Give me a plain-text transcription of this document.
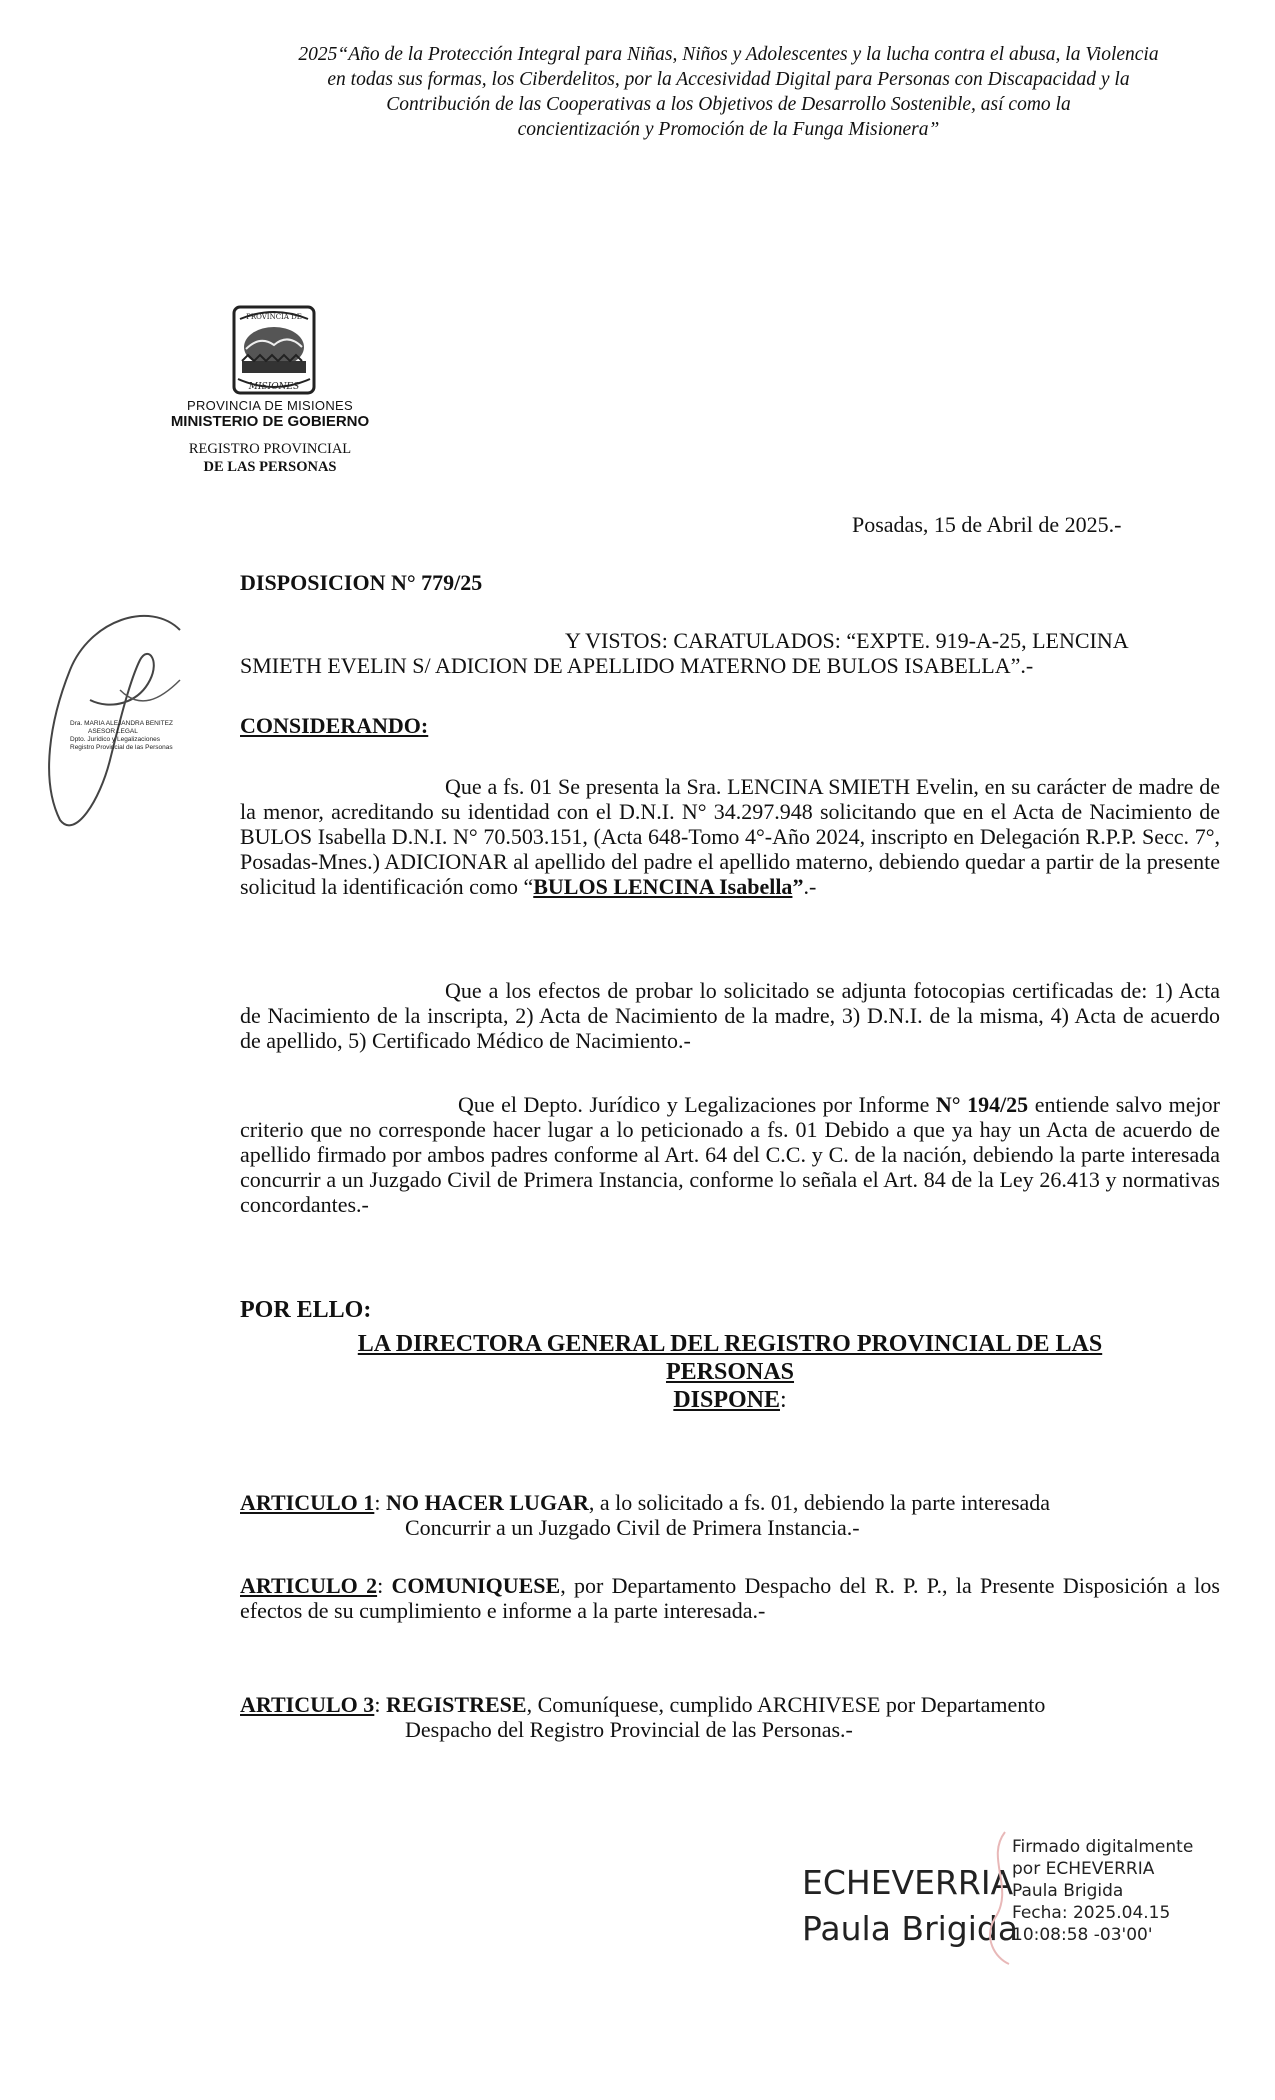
2025“Año de la Protección Integral para Niñas, Niños y Adolescentes y la lucha contra el abusa, la Violencia
en todas sus formas, los Ciberdelitos, por la Accesividad Digital para Personas con Discapacidad y la
Contribución de las Cooperativas a los Objetivos de Desarrollo Sostenible, así como la
concientización y Promoción de la Funga Misionera”
PROVINCIA DE
MISIONES
PROVINCIA DE MISIONES
MINISTERIO DE GOBIERNO
REGISTRO PROVINCIAL
DE LAS PERSONAS
Posadas, 15 de Abril de 2025.-
DISPOSICION N° 779/25
Y VISTOS: CARATULADOS: “EXPTE. 919-A-25, LENCINA
SMIETH EVELIN S/ ADICION DE APELLIDO MATERNO DE BULOS ISABELLA”.-
CONSIDERANDO:
Dra. MARIA ALEJANDRA BENITEZ
ASESOR LEGAL
Dpto. Jurídico y Legalizaciones
Registro Provincial de las Personas
Que a fs. 01 Se presenta la Sra. LENCINA SMIETH Evelin, en su carácter de madre de la menor, acreditando su identidad con el D.N.I. N° 34.297.948 solicitando que en el Acta de Nacimiento de BULOS Isabella D.N.I. N° 70.503.151, (Acta 648-Tomo 4°-Año 2024, inscripto en Delegación R.P.P. Secc. 7°, Posadas-Mnes.) ADICIONAR al apellido del padre el apellido materno, debiendo quedar a partir de la presente solicitud la identificación como “BULOS LENCINA Isabella”.-
Que a los efectos de probar lo solicitado se adjunta fotocopias certificadas de: 1) Acta de Nacimiento de la inscripta, 2) Acta de Nacimiento de la madre, 3) D.N.I. de la misma, 4) Acta de acuerdo de apellido, 5) Certificado Médico de Nacimiento.-
Que el Depto. Jurídico y Legalizaciones por Informe N° 194/25 entiende salvo mejor criterio que no corresponde hacer lugar a lo peticionado a fs. 01 Debido a que ya hay un Acta de acuerdo de apellido firmado por ambos padres conforme al Art. 64 del C.C. y C. de la nación, debiendo la parte interesada concurrir a un Juzgado Civil de Primera Instancia, conforme lo señala el Art. 84 de la Ley 26.413 y normativas concordantes.-
POR ELLO:
LA DIRECTORA GENERAL DEL REGISTRO PROVINCIAL DE LAS
PERSONAS
DISPONE:
ARTICULO 1: NO HACER LUGAR, a lo solicitado a fs. 01, debiendo la parte interesada
Concurrir a un Juzgado Civil de Primera Instancia.-
ARTICULO 2: COMUNIQUESE, por Departamento Despacho del R. P. P., la Presente Disposición a los efectos de su cumplimiento e informe a la parte interesada.-
ARTICULO 3: REGISTRESE, Comuníquese, cumplido ARCHIVESE por Departamento
Despacho del Registro Provincial de las Personas.-
ECHEVERRIA
Paula Brigida
Firmado digitalmente
por ECHEVERRIA
Paula Brigida
Fecha: 2025.04.15
10:08:58 -03'00'
